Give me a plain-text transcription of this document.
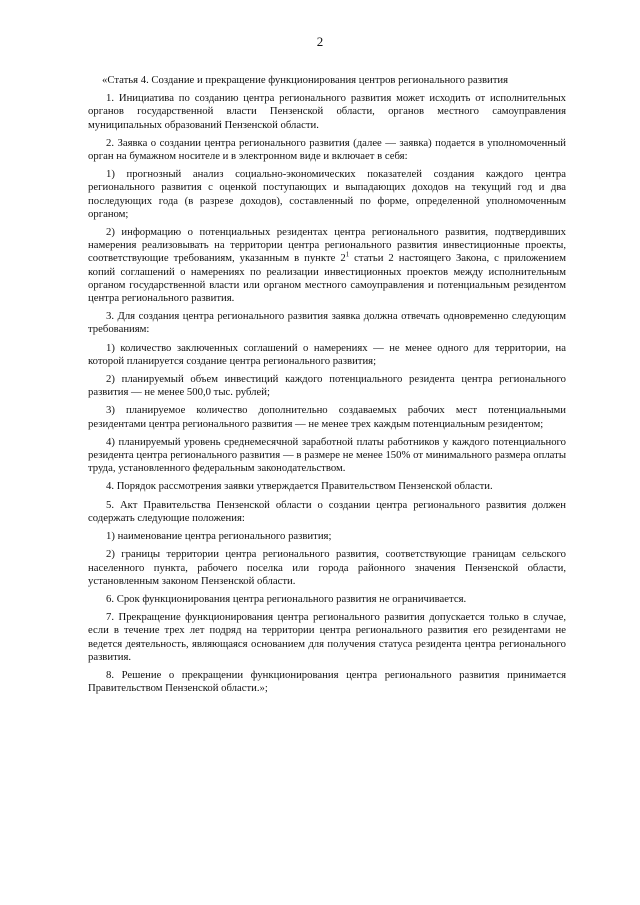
2

«Статья 4. Создание и прекращение функционирования центров регионального развития

1. Инициатива по созданию центра регионального развития может исходить от исполнительных органов государственной власти Пензенской области, органов местного самоуправления муниципальных образований Пензенской области.

2. Заявка о создании центра регионального развития (далее — заявка) подается в уполномоченный орган на бумажном носителе и в электронном виде и включает в себя:

1) прогнозный анализ социально-экономических показателей создания каждого центра регионального развития с оценкой поступающих и выпадающих доходов на текущий год и два последующих года (в разрезе доходов), составленный по форме, определенной уполномоченным органом;

2) информацию о потенциальных резидентах центра регионального развития, подтвердивших намерения реализовывать на территории центра регионального развития инвестиционные проекты, соответствующие требованиям, указанным в пункте $2^1$ статьи 2 настоящего Закона, с приложением копий соглашений о намерениях по реализации инвестиционных проектов между исполнительным органом государственной власти или органом местного самоуправления и потенциальным резидентом центра регионального развития.

3. Для создания центра регионального развития заявка должна отвечать одновременно следующим требованиям:

1) количество заключенных соглашений о намерениях — не менее одного для территории, на которой планируется создание центра регионального развития;

2) планируемый объем инвестиций каждого потенциального резидента центра регионального развития — не менее 500,0 тыс. рублей;

3) планируемое количество дополнительно создаваемых рабочих мест потенциальными резидентами центра регионального развития — не менее трех каждым потенциальным резидентом;

4) планируемый уровень среднемесячной заработной платы работников у каждого потенциального резидента центра регионального развития — в размере не менее 150% от минимального размера оплаты труда, установленного федеральным законодательством.

4. Порядок рассмотрения заявки утверждается Правительством Пензенской области.

5. Акт Правительства Пензенской области о создании центра регионального развития должен содержать следующие положения:

1) наименование центра регионального развития;

2) границы территории центра регионального развития, соответствующие границам сельского населенного пункта, рабочего поселка или города районного значения Пензенской области, установленным законом Пензенской области.

6. Срок функционирования центра регионального развития не ограничивается.

7. Прекращение функционирования центра регионального развития допускается только в случае, если в течение трех лет подряд на территории центра регионального развития его резидентами не ведется деятельность, являющаяся основанием для получения статуса резидента центра регионального развития.

8. Решение о прекращении функционирования центра регионального развития принимается Правительством Пензенской области.»;
